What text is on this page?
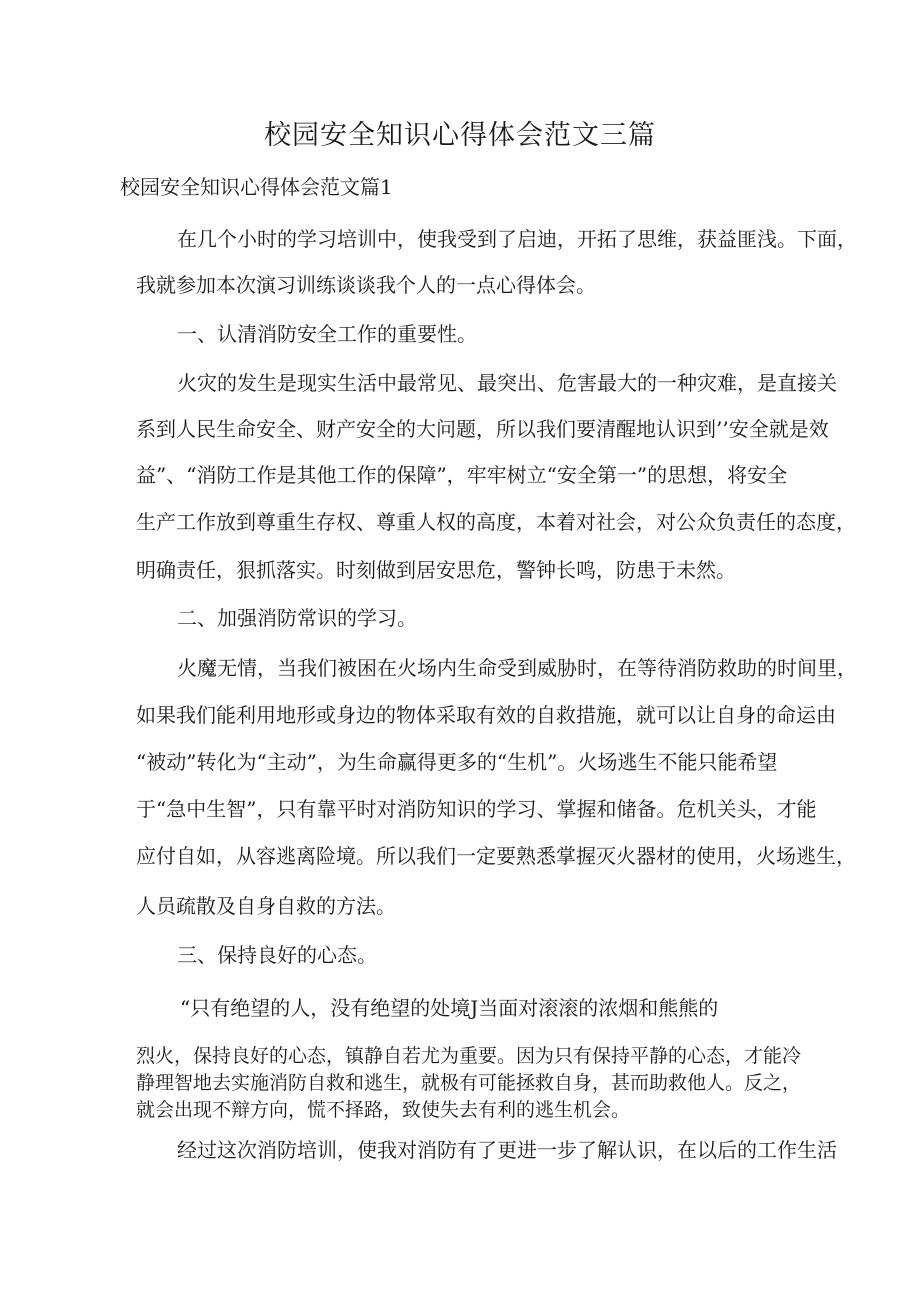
校园安全知识心得体会范文三篇
校园安全知识心得体会范文篇1
在几个小时的学习培训中，使我受到了启迪，开拓了思维，获益匪浅。下面，
我就参加本次演习训练谈谈我个人的一点心得体会。
一、认清消防安全工作的重要性。
火灾的发生是现实生活中最常见、最突出、危害最大的一种灾难，是直接关
系到人民生命安全、财产安全的大问题，所以我们要清醒地认识到’’安全就是效
益”、“消防工作是其他工作的保障”，牢牢树立“安全第一”的思想，将安全
生产工作放到尊重生存权、尊重人权的高度，本着对社会，对公众负责任的态度，
明确责任，狠抓落实。时刻做到居安思危，警钟长鸣，防患于未然。
二、加强消防常识的学习。
火魔无情，当我们被困在火场内生命受到威胁时，在等待消防救助的时间里，
如果我们能利用地形或身边的物体采取有效的自救措施，就可以让自身的命运由
“被动”转化为“主动”，为生命赢得更多的“生机”。火场逃生不能只能希望
于“急中生智”，只有靠平时对消防知识的学习、掌握和储备。危机关头，才能
应付自如，从容逃离险境。所以我们一定要熟悉掌握灭火器材的使用，火场逃生，
人员疏散及自身自救的方法。
三、保持良好的心态。
“只有绝望的人，没有绝望的处境J当面对滚滚的浓烟和熊熊的
烈火，保持良好的心态，镇静自若尤为重要。因为只有保持平静的心态，才能冷
静理智地去实施消防自救和逃生，就极有可能拯救自身，甚而助救他人。反之，
就会出现不辩方向，慌不择路，致使失去有利的逃生机会。
经过这次消防培训，使我对消防有了更进一步了解认识，在以后的工作生活
